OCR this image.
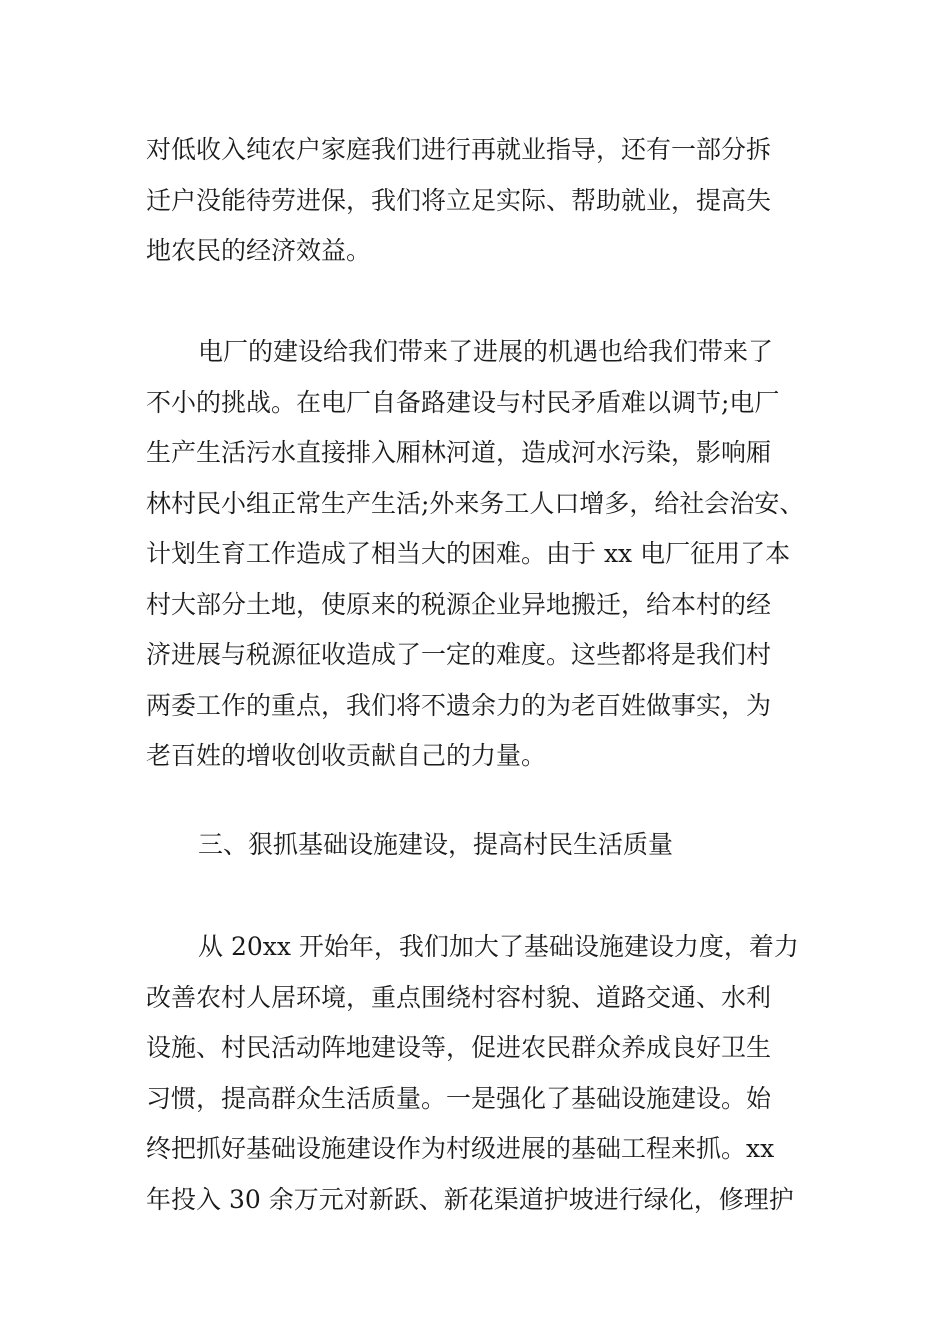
对低收入纯农户家庭我们进行再就业指导，还有一部分拆
迁户没能待劳进保，我们将立足实际、帮助就业，提高失
地农民的经济效益。
电厂的建设给我们带来了进展的机遇也给我们带来了
不小的挑战。在电厂自备路建设与村民矛盾难以调节;电厂
生产生活污水直接排入厢林河道，造成河水污染，影响厢
林村民小组正常生产生活;外来务工人口增多，给社会治安、
计划生育工作造成了相当大的困难。由于 xx 电厂征用了本
村大部分土地，使原来的税源企业异地搬迁，给本村的经
济进展与税源征收造成了一定的难度。这些都将是我们村
两委工作的重点，我们将不遗余力的为老百姓做事实，为
老百姓的增收创收贡献自己的力量。
三、狠抓基础设施建设，提高村民生活质量
从 20xx 开始年，我们加大了基础设施建设力度，着力
改善农村人居环境，重点围绕村容村貌、道路交通、水利
设施、村民活动阵地建设等，促进农民群众养成良好卫生
习惯，提高群众生活质量。一是强化了基础设施建设。始
终把抓好基础设施建设作为村级进展的基础工程来抓。xx
年投入 30 余万元对新跃、新花渠道护坡进行绿化，修理护
